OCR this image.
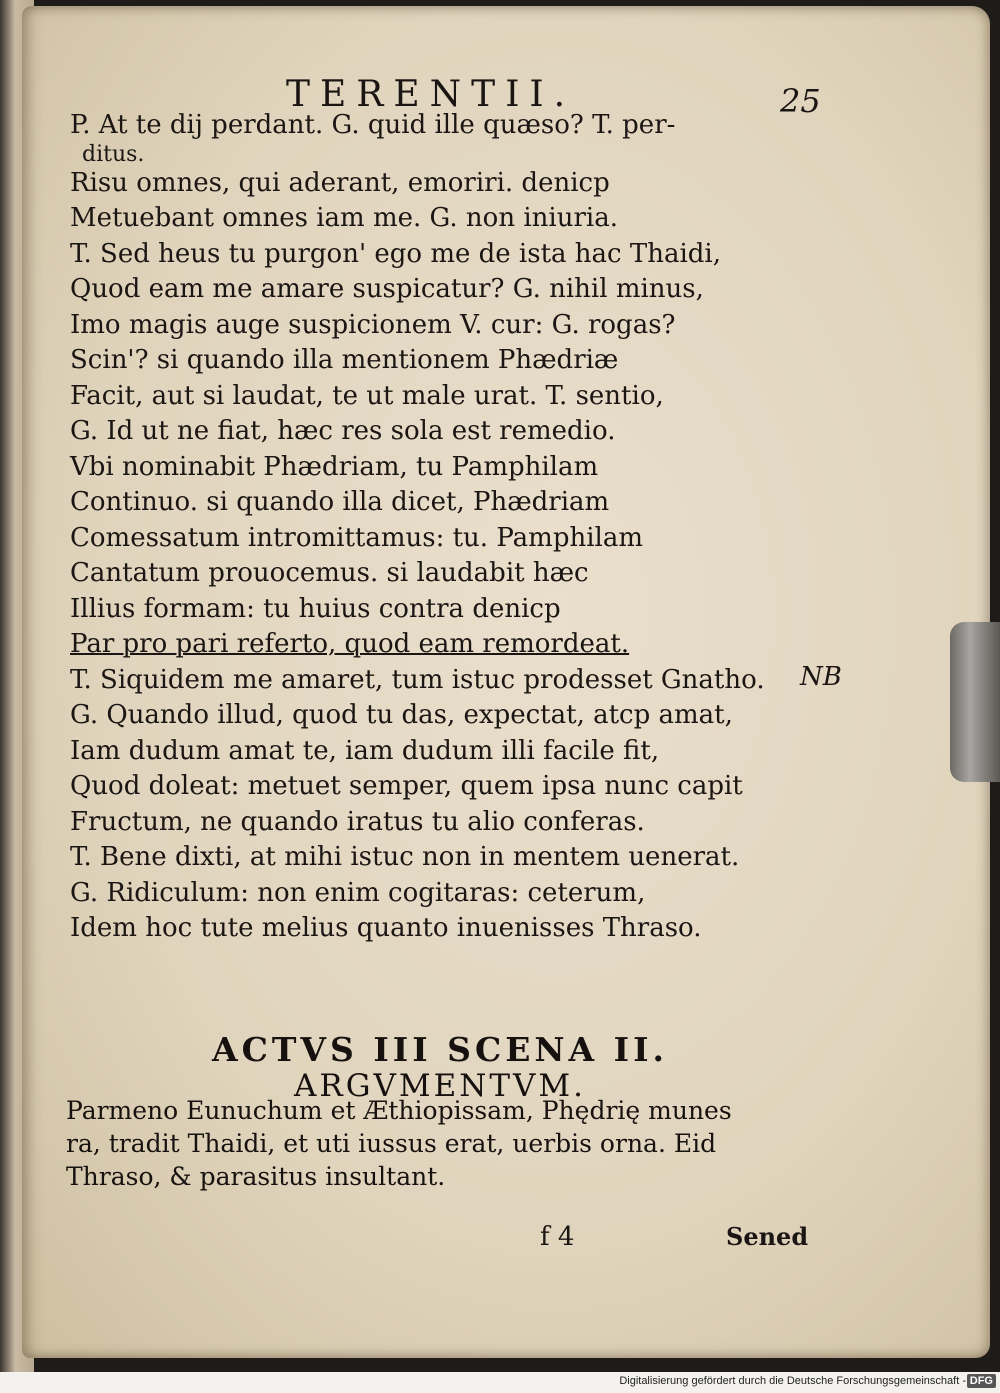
TERENTII.	25
P. At te dij perdant. G. quid ille quæso? T. per-
ditus.
Risu omnes, qui aderant, emoriri. denicp
Metuebant omnes iam me. G. non iniuria.
T. Sed heus tu purgon' ego me de ista hac Thaidi,
Quod eam me amare suspicatur? G. nihil minus,
Imo magis auge suspicionem V. cur: G. rogas?
Scin'? si quando illa mentionem Phædriæ
Facit, aut si laudat, te ut male urat. T. sentio,
G. Id ut ne fiat, hæc res sola est remedio.
Vbi nominabit Phædriam, tu Pamphilam
Continuo. si quando illa dicet, Phædriam
Comessatum intromittamus: tu. Pamphilam
Cantatum prouocemus. si laudabit hæc
Illius formam: tu huius contra denicp
Par pro pari referto, quod eam remordeat.
T. Siquidem me amaret, tum istuc prodesset Gnatho.
G. Quando illud, quod tu das, expectat, atcp amat,
Iam dudum amat te, iam dudum illi facile fit,
Quod doleat: metuet semper, quem ipsa nunc capit
Fructum, ne quando iratus tu alio conferas.
T. Bene dixti, at mihi istuc non in mentem uenerat.
G. Ridiculum: non enim cogitaras: ceterum,
Idem hoc tute melius quanto inuenisses Thraso.
NB
ACTVS III SCENA II.
ARGVMENTVM.
Parmeno Eunuchum et Æthiopissam, Phędrię munes
ra, tradit Thaidi, et uti iussus erat, uerbis orna. Eid
Thraso, & parasitus insultant.
f 4	Sened
Digitalisierung gefördert durch die Deutsche Forschungsgemeinschaft - DFG
